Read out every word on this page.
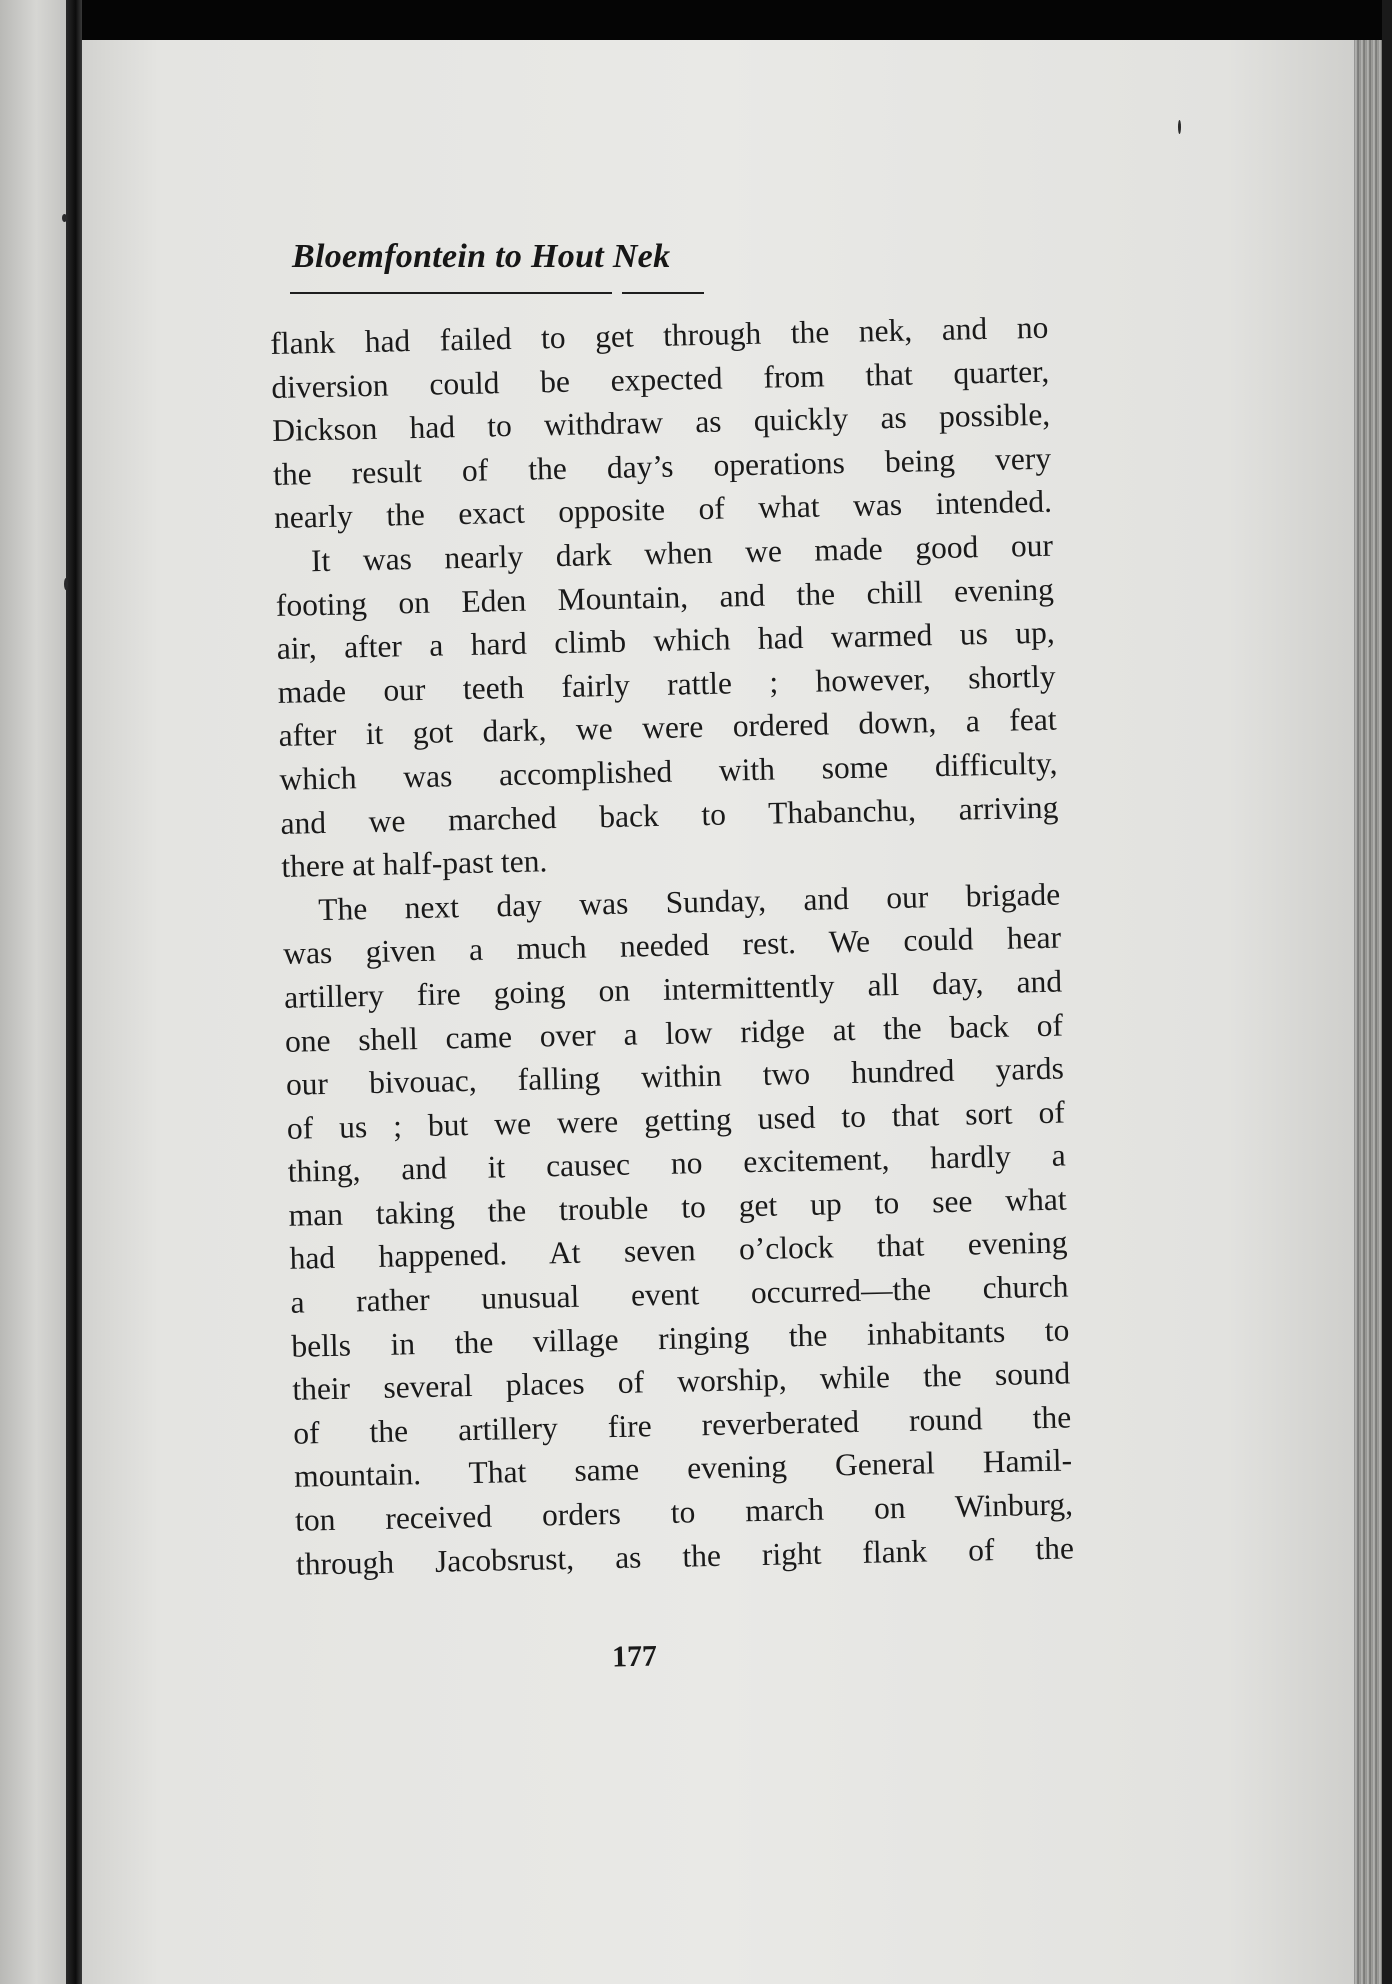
Bloemfontein to Hout Nek
flank had failed to get through the nek, and no
diversion could be expected from that quarter,
Dickson had to withdraw as quickly as possible,
the result of the day’s operations being very
nearly the exact opposite of what was intended.
It was nearly dark when we made good our
footing on Eden Mountain, and the chill evening
air, after a hard climb which had warmed us up,
made our teeth fairly rattle ; however, shortly
after it got dark, we were ordered down, a feat
which was accomplished with some difficulty,
and we marched back to Thabanchu, arriving
there at half-past ten.
The next day was Sunday, and our brigade
was given a much needed rest. We could hear
artillery fire going on intermittently all day, and
one shell came over a low ridge at the back of
our bivouac, falling within two hundred yards
of us ; but we were getting used to that sort of
thing, and it causec no excitement, hardly a
man taking the trouble to get up to see what
had happened. At seven o’clock that evening
a rather unusual event occurred—the church
bells in the village ringing the inhabitants to
their several places of worship, while the sound
of the artillery fire reverberated round the
mountain. That same evening General Hamil-
ton received orders to march on Winburg,
through Jacobsrust, as the right flank of the
177
